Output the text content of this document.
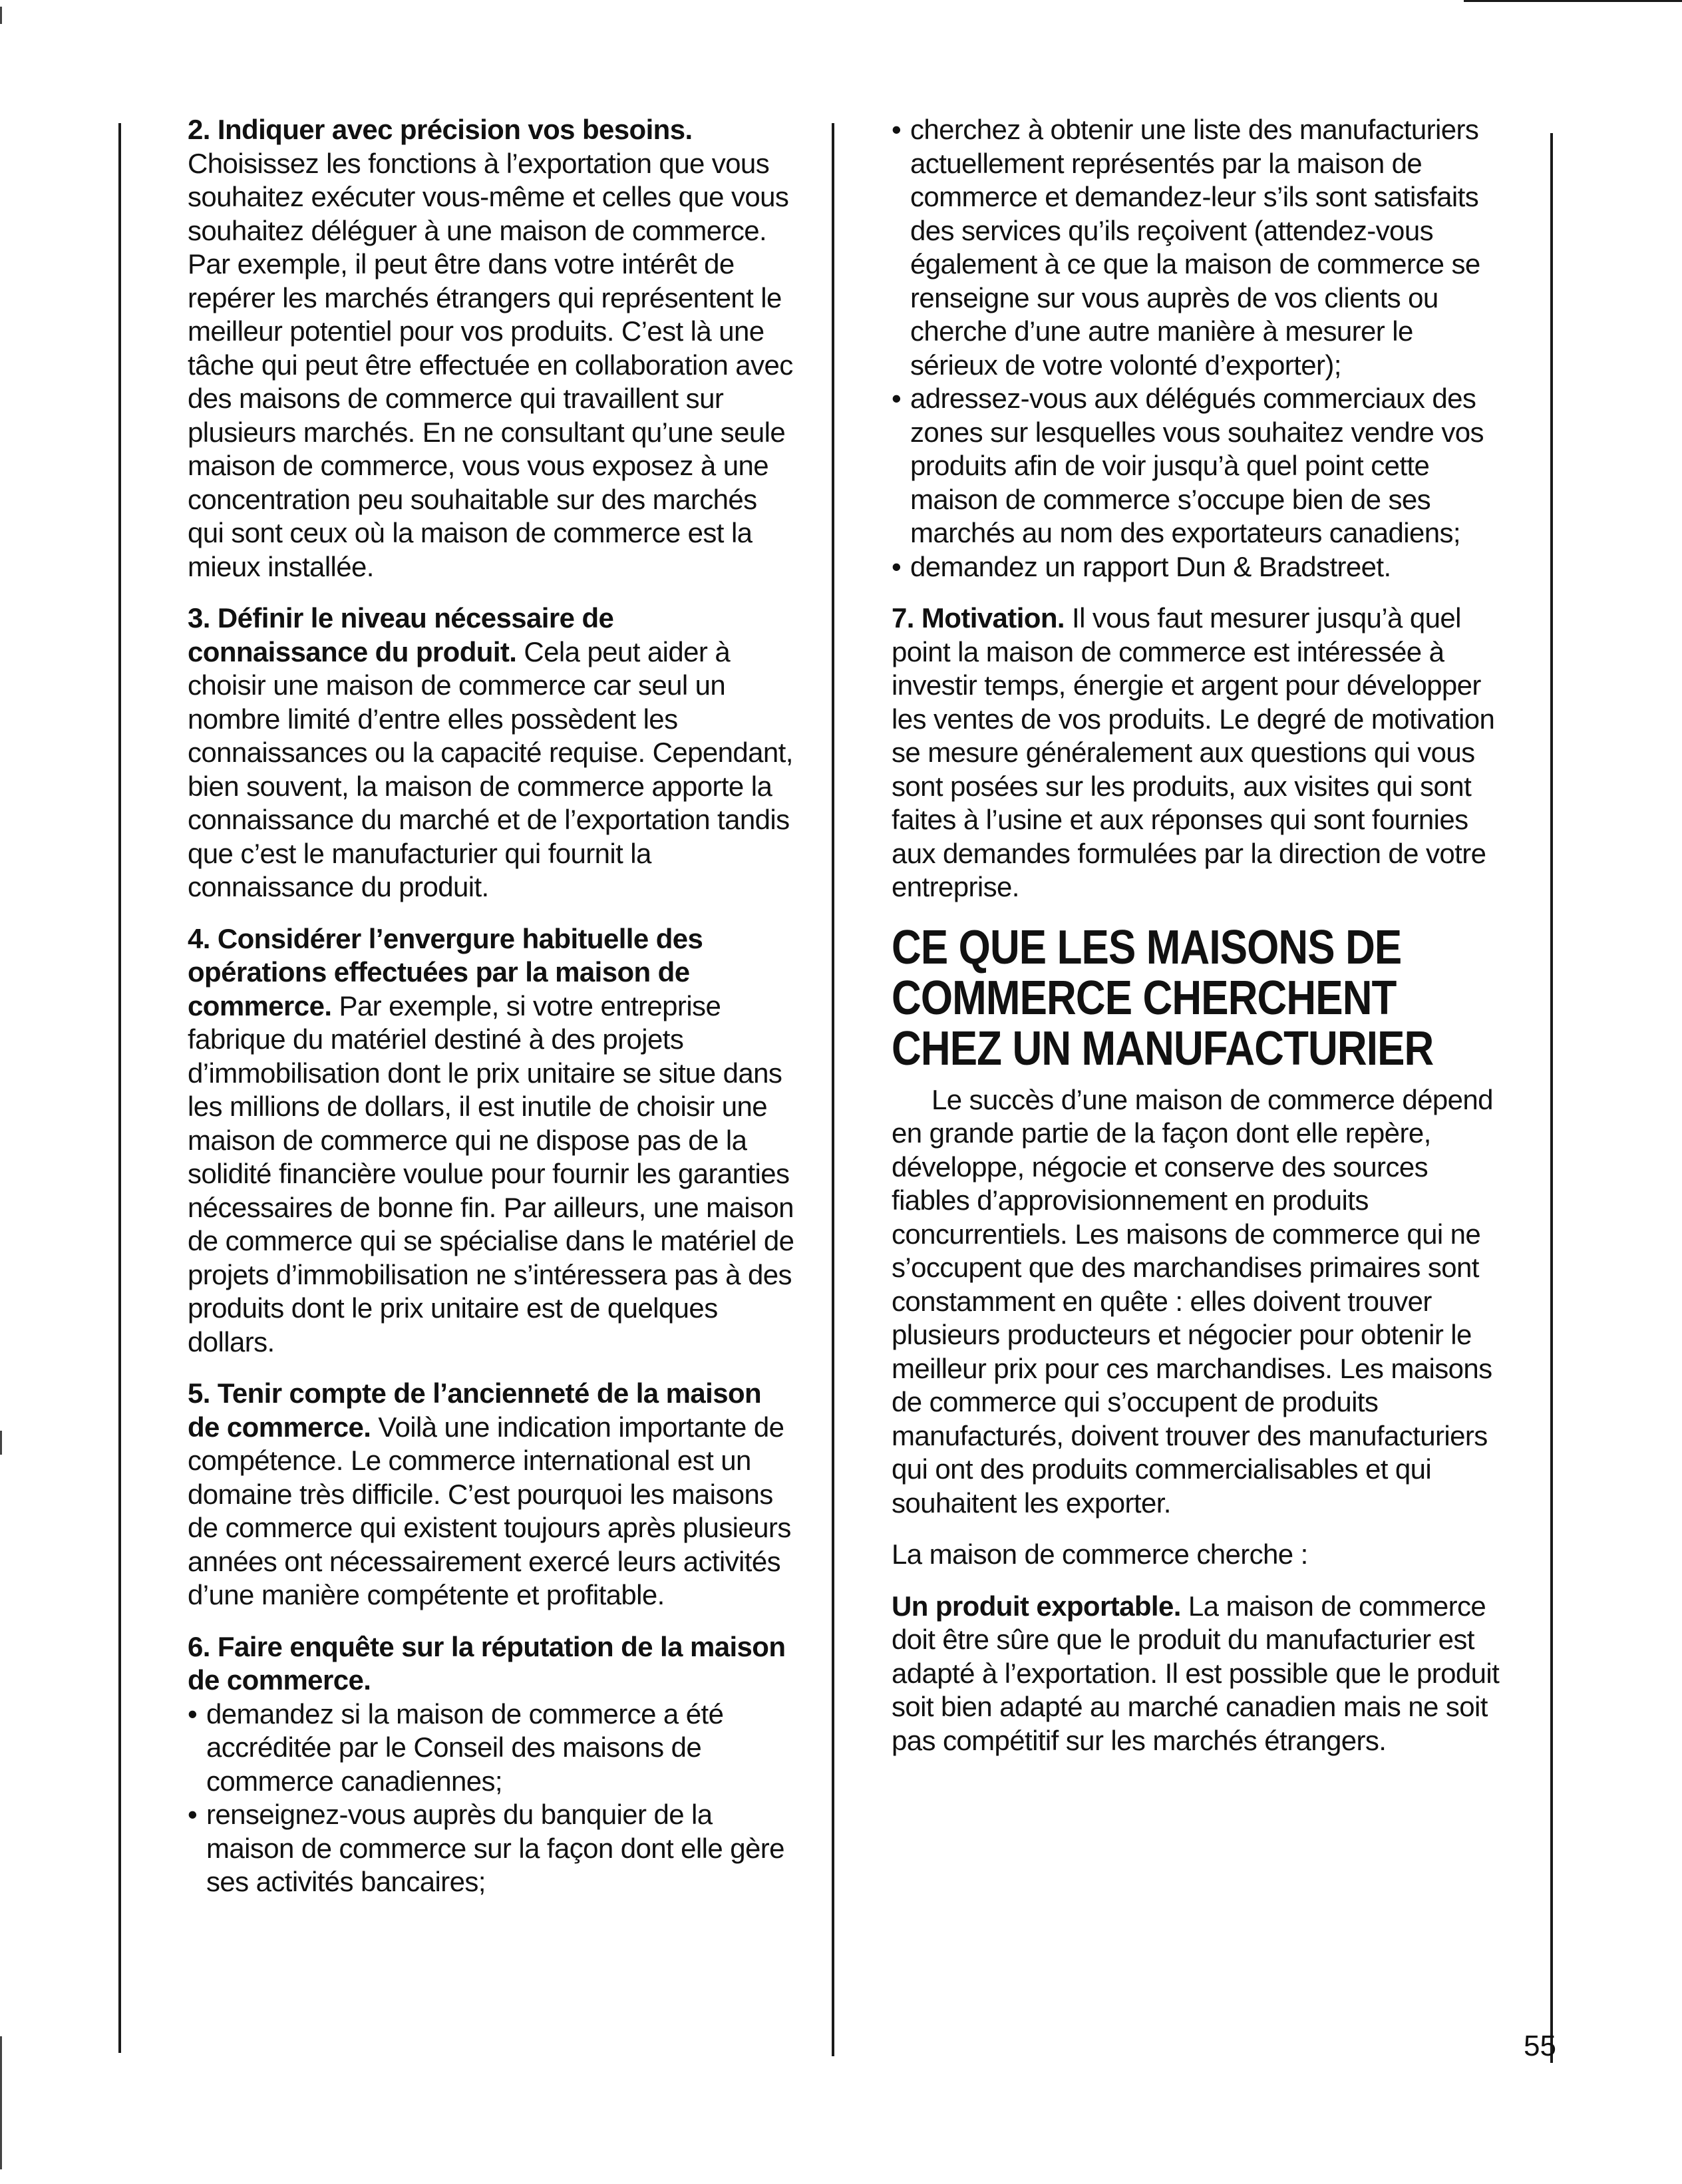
2. Indiquer avec précision vos besoins.
Choisissez les fonctions à l’exportation que vous souhaitez exécuter vous-même et celles que vous souhaitez déléguer à une maison de commerce. Par exemple, il peut être dans votre intérêt de repérer les marchés étrangers qui représentent le meilleur potentiel pour vos produits. C’est là une tâche qui peut être effectuée en collaboration avec des maisons de commerce qui travaillent sur plusieurs marchés. En ne consultant qu’une seule maison de commerce, vous vous exposez à une concentration peu souhaitable sur des marchés qui sont ceux où la maison de commerce est la mieux installée.

3. Définir le niveau nécessaire de connaissance du produit. Cela peut aider à choisir une maison de commerce car seul un nombre limité d’entre elles possèdent les connaissances ou la capacité requise. Cependant, bien souvent, la maison de commerce apporte la connaissance du marché et de l’exportation tandis que c’est le manufacturier qui fournit la connaissance du produit.

4. Considérer l’envergure habituelle des opérations effectuées par la maison de commerce. Par exemple, si votre entreprise fabrique du matériel destiné à des projets d’immobilisation dont le prix unitaire se situe dans les millions de dollars, il est inutile de choisir une maison de commerce qui ne dispose pas de la solidité financière voulue pour fournir les garanties nécessaires de bonne fin. Par ailleurs, une maison de commerce qui se spécialise dans le matériel de projets d’immobilisation ne s’intéressera pas à des produits dont le prix unitaire est de quelques dollars.

5. Tenir compte de l’ancienneté de la maison de commerce. Voilà une indication importante de compétence. Le commerce international est un domaine très difficile. C’est pourquoi les maisons de commerce qui existent toujours après plusieurs années ont nécessairement exercé leurs activités d’une manière compétente et profitable.

6. Faire enquête sur la réputation de la maison de commerce.

• demandez si la maison de commerce a été accréditée par le Conseil des maisons de commerce canadiennes;
• renseignez-vous auprès du banquier de la maison de commerce sur la façon dont elle gère ses activités bancaires;
• cherchez à obtenir une liste des manufacturiers actuellement représentés par la maison de commerce et demandez-leur s’ils sont satisfaits des services qu’ils reçoivent (attendez-vous également à ce que la maison de commerce se renseigne sur vous auprès de vos clients ou cherche d’une autre manière à mesurer le sérieux de votre volonté d’exporter);
• adressez-vous aux délégués commerciaux des zones sur lesquelles vous souhaitez vendre vos produits afin de voir jusqu’à quel point cette maison de commerce s’occupe bien de ses marchés au nom des exportateurs canadiens;
• demandez un rapport Dun & Bradstreet.

7. Motivation. Il vous faut mesurer jusqu’à quel point la maison de commerce est intéressée à investir temps, énergie et argent pour développer les ventes de vos produits. Le degré de motivation se mesure généralement aux questions qui vous sont posées sur les produits, aux visites qui sont faites à l’usine et aux réponses qui sont fournies aux demandes formulées par la direction de votre entreprise.

CE QUE LES MAISONS DE COMMERCE CHERCHENT CHEZ UN MANUFACTURIER

Le succès d’une maison de commerce dépend en grande partie de la façon dont elle repère, développe, négocie et conserve des sources fiables d’approvisionnement en produits concurrentiels. Les maisons de commerce qui ne s’occupent que des marchandises primaires sont constamment en quête : elles doivent trouver plusieurs producteurs et négocier pour obtenir le meilleur prix pour ces marchandises. Les maisons de commerce qui s’occupent de produits manufacturés, doivent trouver des manufacturiers qui ont des produits commercialisables et qui souhaitent les exporter.

La maison de commerce cherche :

Un produit exportable. La maison de commerce doit être sûre que le produit du manufacturier est adapté à l’exportation. Il est possible que le produit soit bien adapté au marché canadien mais ne soit pas compétitif sur les marchés étrangers.

55
